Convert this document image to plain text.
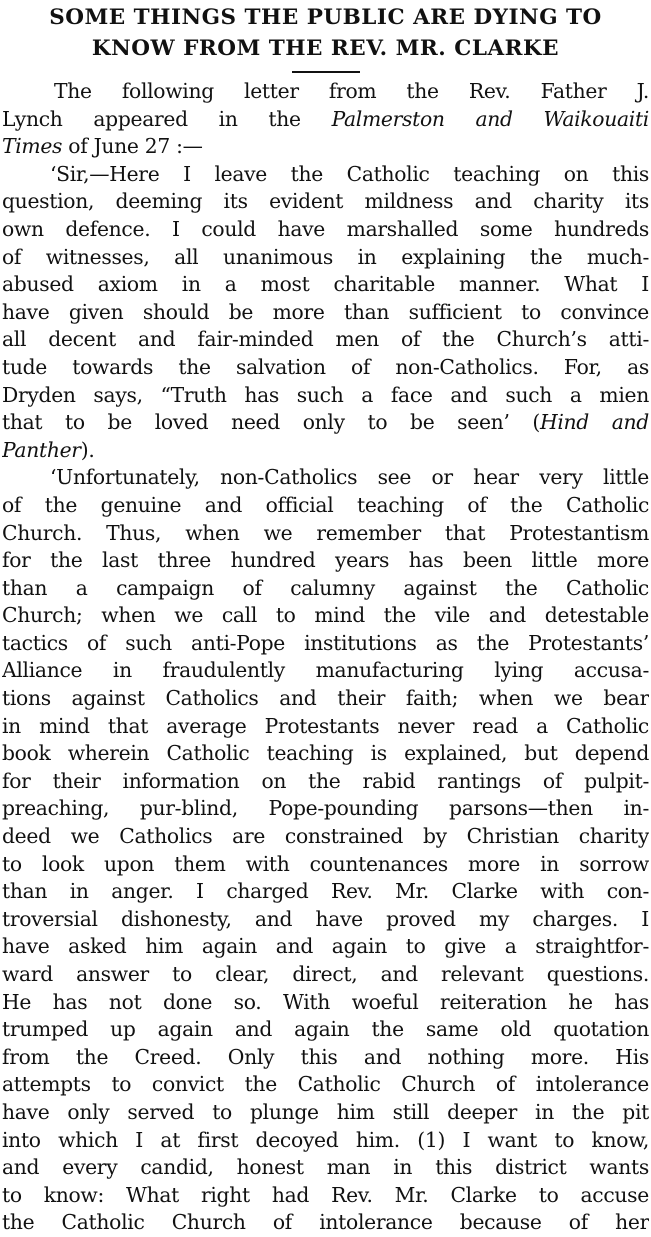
SOME THINGS THE PUBLIC ARE DYING TO
KNOW FROM THE REV. MR. CLARKE
The following letter from the Rev. Father J.
Lynch appeared in the Palmerston and Waikouaiti
Times of June 27 :—
‘Sir,—Here I leave the Catholic teaching on this
question, deeming its evident mildness and charity its
own defence. I could have marshalled some hundreds
of witnesses, all unanimous in explaining the much-
abused axiom in a most charitable manner. What I
have given should be more than sufficient to convince
all decent and fair-minded men of the Church’s atti-
tude towards the salvation of non-Catholics. For, as
Dryden says, “Truth has such a face and such a mien
that to be loved need only to be seen’ (Hind and
Panther).
‘Unfortunately, non-Catholics see or hear very little
of the genuine and official teaching of the Catholic
Church. Thus, when we remember that Protestantism
for the last three hundred years has been little more
than a campaign of calumny against the Catholic
Church; when we call to mind the vile and detestable
tactics of such anti-Pope institutions as the Protestants’
Alliance in fraudulently manufacturing lying accusa-
tions against Catholics and their faith; when we bear
in mind that average Protestants never read a Catholic
book wherein Catholic teaching is explained, but depend
for their information on the rabid rantings of pulpit-
preaching, pur-blind, Pope-pounding parsons—then in-
deed we Catholics are constrained by Christian charity
to look upon them with countenances more in sorrow
than in anger. I charged Rev. Mr. Clarke with con-
troversial dishonesty, and have proved my charges. I
have asked him again and again to give a straightfor-
ward answer to clear, direct, and relevant questions.
He has not done so. With woeful reiteration he has
trumped up again and again the same old quotation
from the Creed. Only this and nothing more. His
attempts to convict the Catholic Church of intolerance
have only served to plunge him still deeper in the pit
into which I at first decoyed him. (1) I want to know,
and every candid, honest man in this district wants
to know: What right had Rev. Mr. Clarke to accuse
the Catholic Church of intolerance because of her
